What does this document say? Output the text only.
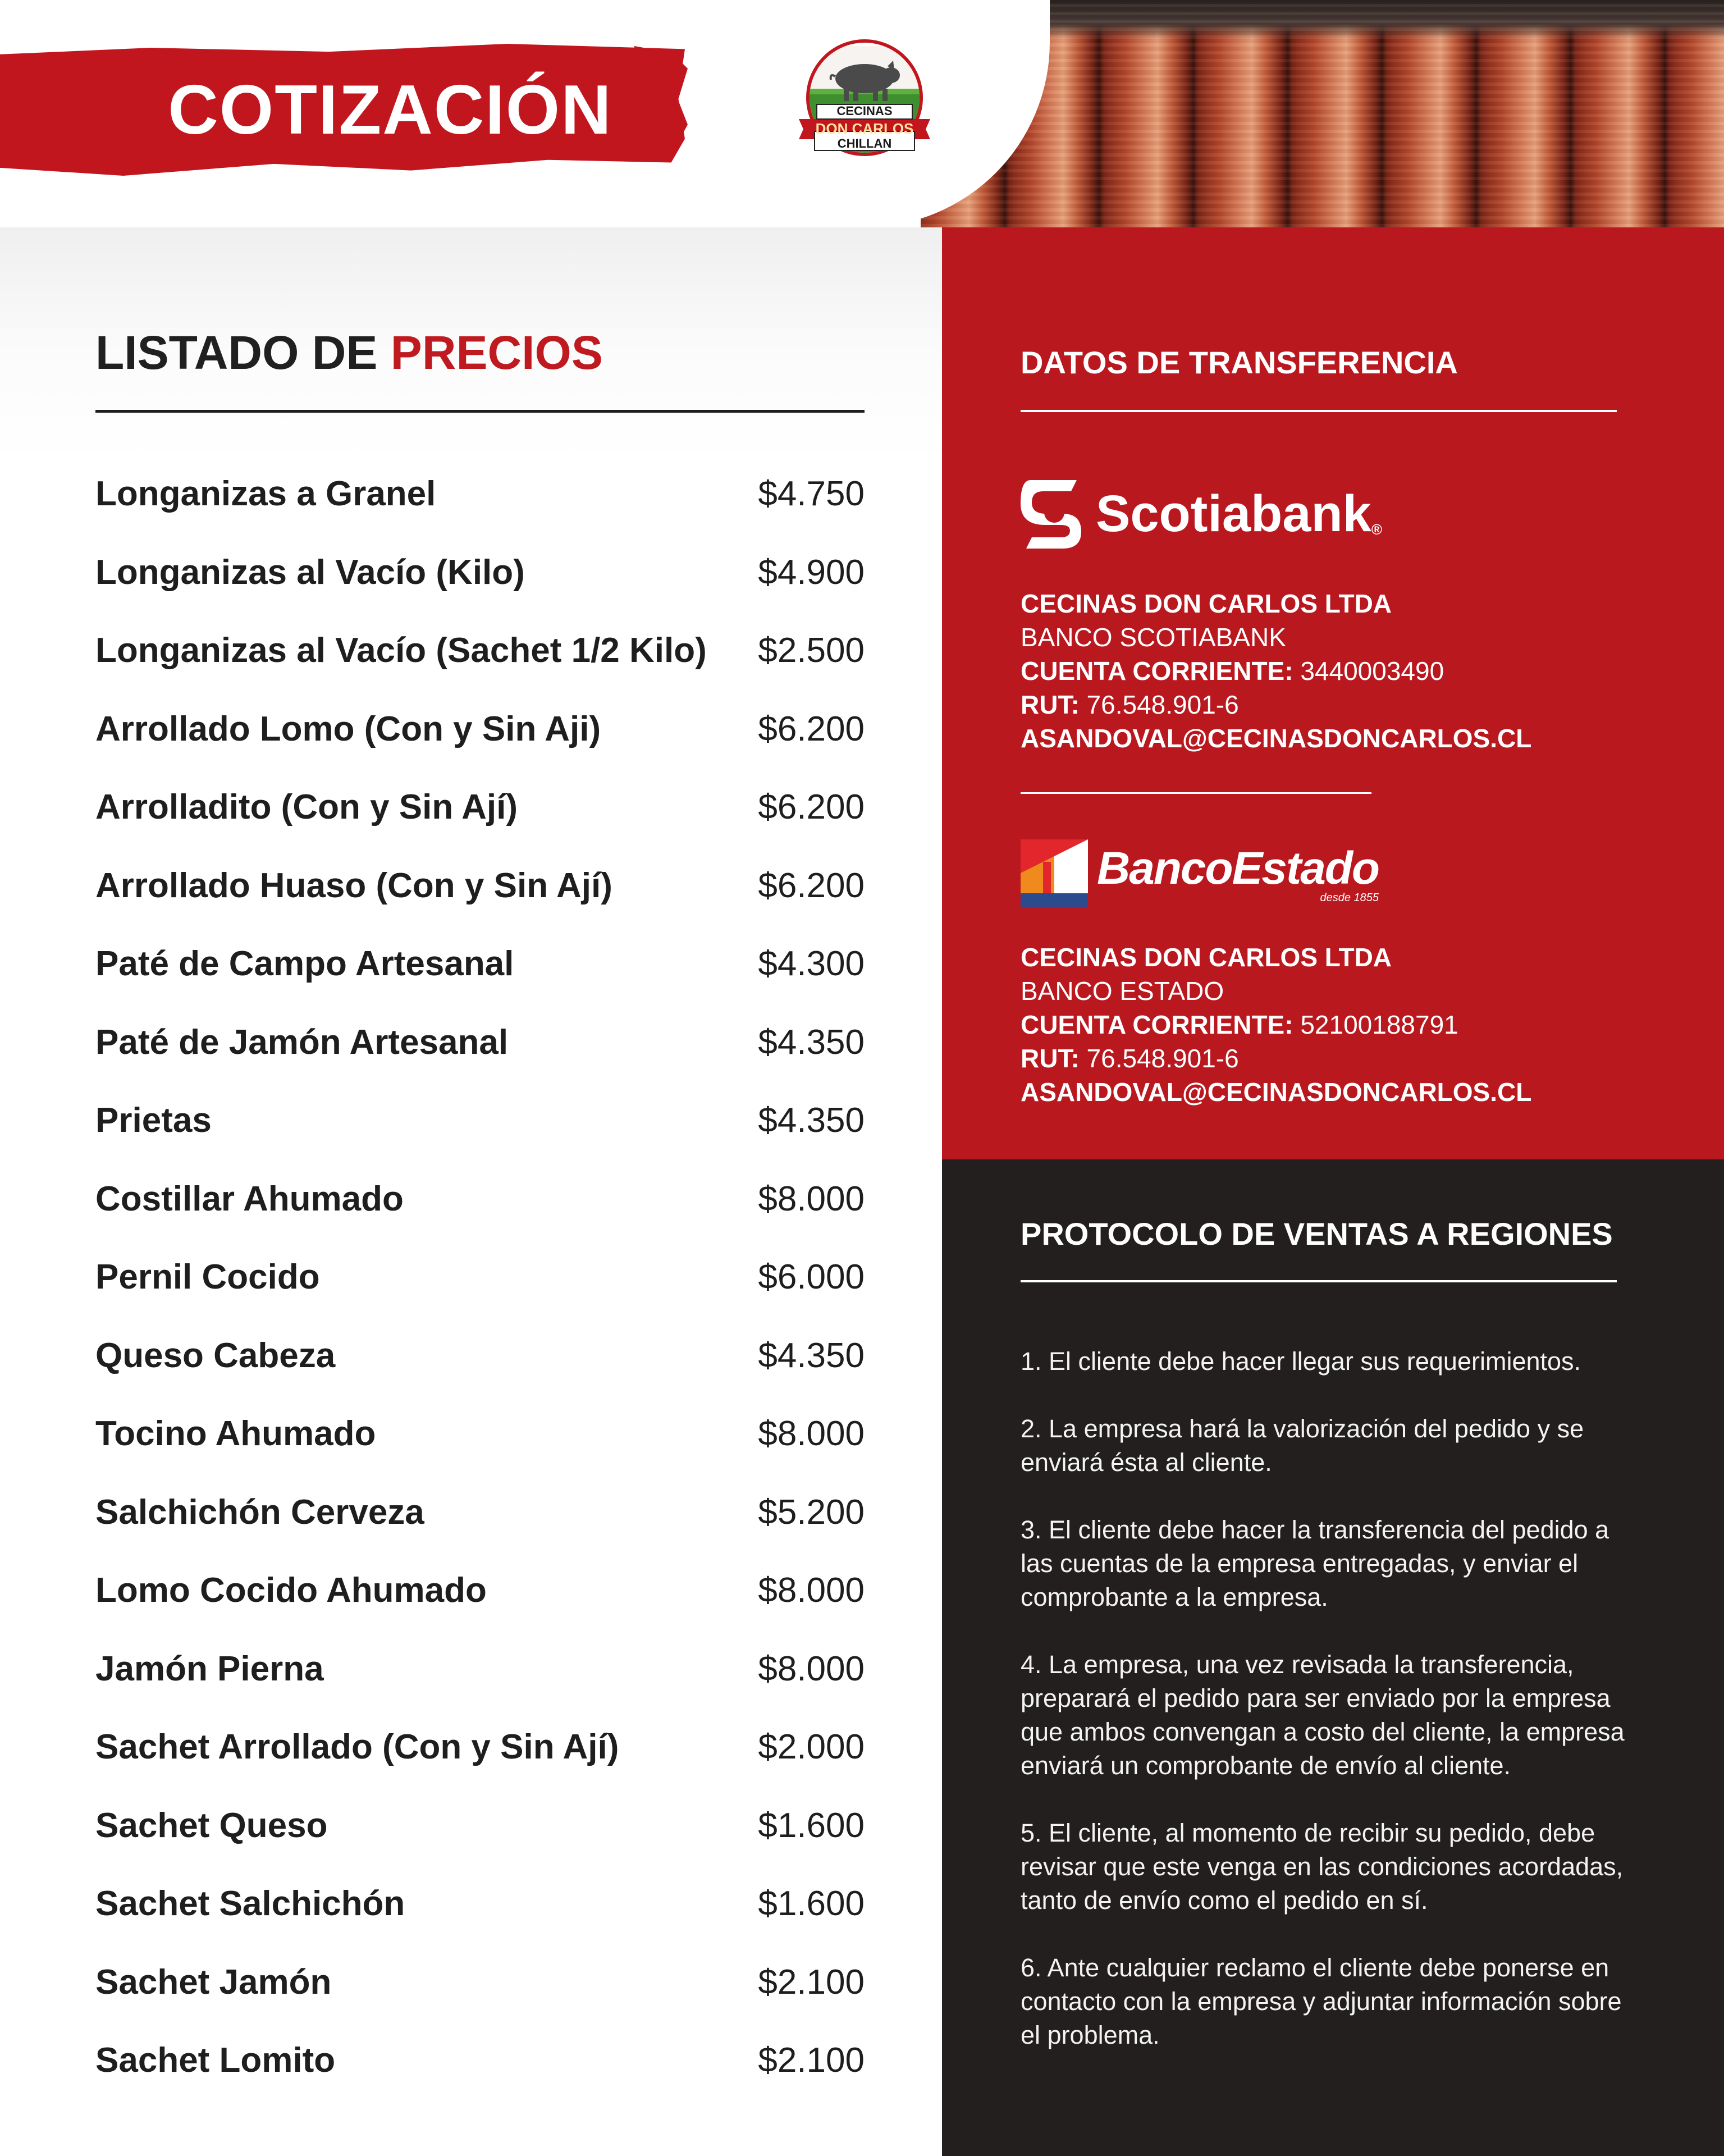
COTIZACIÓN	CECINAS
DON CARLOS
CHILLAN
LISTADO DE PRECIOS
Longanizas a Granel	$4.750
Longanizas al Vacío (Kilo)	$4.900
Longanizas al Vacío (Sachet 1/2 Kilo) $2.500
Arrollado Lomo (Con y Sin Aji)	$6.200
Arrolladito (Con y Sin Ají)	$6.200
Arrollado Huaso (Con y Sin Ají)	$6.200
Paté de Campo Artesanal	$4.300
Paté de Jamón Artesanal	$4.350
Prietas	$4.350
Costillar Ahumado	$8.000
Pernil Cocido	$6.000
Queso Cabeza	$4.350
Tocino Ahumado	$8.000
Salchichón Cerveza	$5.200
Lomo Cocido Ahumado	$8.000
Jamón Pierna	$8.000
Sachet Arrollado (Con y Sin Ají)	$2.000
Sachet Queso	$1.600
Sachet Salchichón	$1.600
Sachet Jamón	$2.100
Sachet Lomito	$2.100
DATOS DE TRANSFERENCIA
Scotiabank ®
CECINAS DON CARLOS LTDA
BANCO SCOTIABANK
CUENTA CORRIENTE: 3440003490
RUT: 76.548.901-6
ASANDOVAL@CECINASDONCARLOS.CL
BancoEstado
desde 1855
CECINAS DON CARLOS LTDA
BANCO ESTADO
CUENTA CORRIENTE: 52100188791
RUT: 76.548.901-6
ASANDOVAL@CECINASDONCARLOS.CL
PROTOCOLO DE VENTAS A REGIONES
1. El cliente debe hacer llegar sus requerimientos.
2. La empresa hará la valorización del pedido y se enviará ésta al cliente.
3. El cliente debe hacer la transferencia del pedido a las cuentas de la empresa entregadas, y enviar el comprobante a la empresa.
4. La empresa, una vez revisada la transferencia, preparará el pedido para ser enviado por la empresa que ambos convengan a costo del cliente, la empresa enviará un comprobante de envío al cliente.
5. El cliente, al momento de recibir su pedido, debe revisar que este venga en las condiciones acordadas, tanto de envío como el pedido en sí.
6. Ante cualquier reclamo el cliente debe ponerse en contacto con la empresa y adjuntar información sobre el problema.
